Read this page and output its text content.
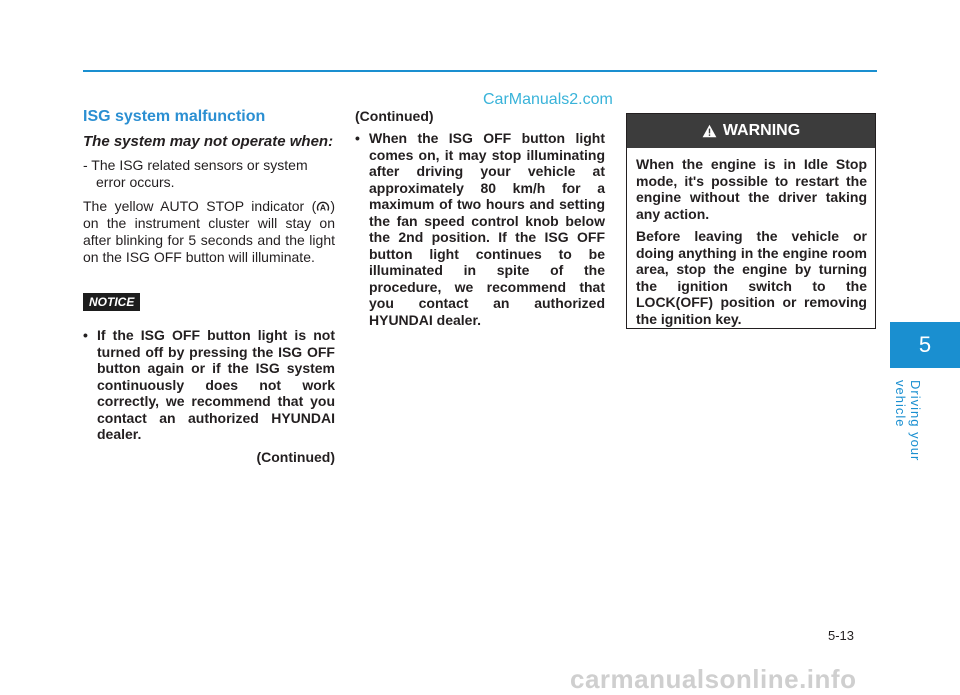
CarManuals2.com
ISG system malfunction

The system may not operate when:

- The ISG related sensors or system error occurs.

The yellow AUTO STOP indicator ( A ) on the instrument cluster will stay on after blinking for 5 seconds and the light on the ISG OFF button will illuminate.

NOTICE
• If the ISG OFF button light is not turned off by pressing the ISG OFF button again or if the ISG system continuously does not work correctly, we recommend that you contact an authorized HYUNDAI dealer.
(Continued)
(Continued)
• When the ISG OFF button light comes on, it may stop illuminating after driving your vehicle at approximately 80 km/h for a maximum of two hours and setting the fan speed control knob below the 2nd position. If the ISG OFF button light continues to be illuminated in spite of the procedure, we recommend that you contact an authorized HYUNDAI dealer.
WARNING

When the engine is in Idle Stop mode, it's possible to restart the engine without the driver taking any action.

Before leaving the vehicle or doing anything in the engine room area, stop the engine by turning the ignition switch to the LOCK(OFF) position or removing the ignition key.

5
Driving your vehicle
5-13
carmanualsonline.info
